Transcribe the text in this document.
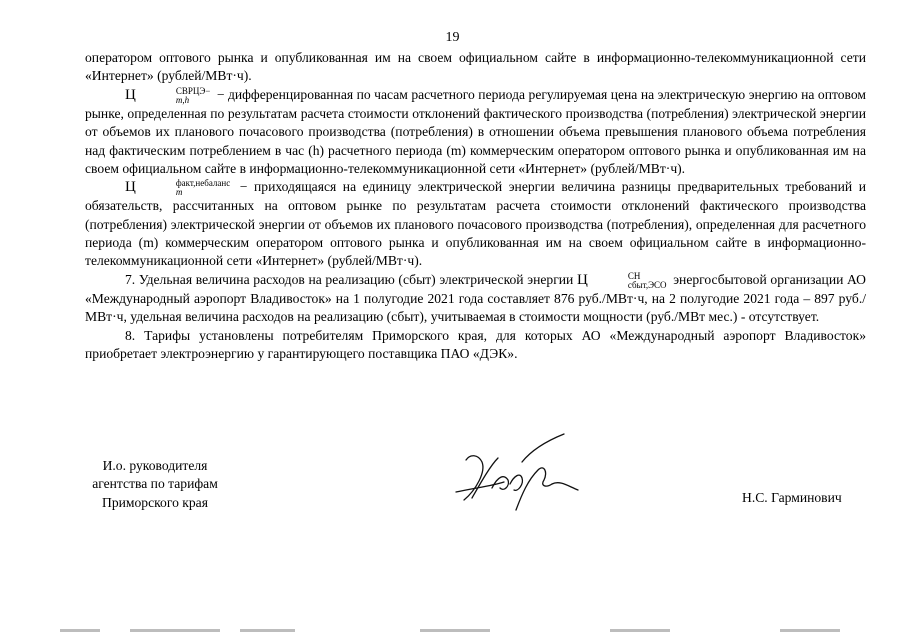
19

оператором оптового рынка и опубликованная им на своем официальном сайте в информационно-телекоммуникационной сети «Интернет» (рублей/МВт·ч).

Ц	СВРЦЭ−
m,h	− дифференцированная по часам расчетного периода регулируемая цена на электрическую энергию на оптовом рынке, определенная по результатам расчета стоимости отклонений фактического производства (потребления) электрической энергии от объемов их планового почасового производства (потребления) в отношении объема превышения планового объема потребления над фактическим потреблением в час (h) расчетного периода (m) коммерческим оператором оптового рынка и опубликованная им на своем официальном сайте в информационно-телекоммуникационной сети «Интернет» (рублей/МВт·ч).

Ц	факт,небаланс
m	− приходящаяся на единицу электрической энергии величина разницы предварительных требований и обязательств, рассчитанных на оптовом рынке по результатам расчета стоимости отклонений фактического производства (потребления) электрической энергии от объемов их планового почасового производства (потребления), определенная для расчетного периода (m) коммерческим оператором оптового рынка и опубликованная им на своем официальном сайте в информационно-телекоммуникационной сети «Интернет» (рублей/МВт·ч).

7. Удельная величина расходов на реализацию (сбыт) электрической энергии Ц	СН
сбыт,ЭСО энергосбытовой организации АО «Международный аэропорт Владивосток» на 1 полугодие 2021 года составляет 876 руб./МВт·ч, на 2 полугодие 2021 года – 897 руб./МВт·ч, удельная величина расходов на реализацию (сбыт), учитываемая в стоимости мощности (руб./МВт мес.) - отсутствует.

8. Тарифы установлены потребителям Приморского края, для которых АО «Международный аэропорт Владивосток» приобретает электроэнергию у гарантирующего поставщика ПАО «ДЭК».

И.о. руководителя
агентства по тарифам
Приморского края	Н.С. Гарминович
